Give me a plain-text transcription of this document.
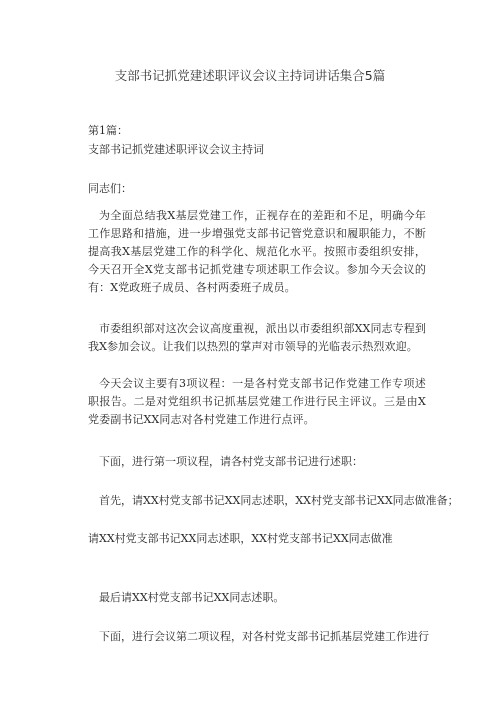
支部书记抓党建述职评议会议主持词讲话集合5篇
第1篇：
支部书记抓党建述职评议会议主持词
同志们：
为全面总结我X基层党建工作，正视存在的差距和不足，明确今年工作思路和措施，进一步增强党支部书记管党意识和履职能力，不断提高我X基层党建工作的科学化、规范化水平。按照市委组织安排，今天召开全X党支部书记抓党建专项述职工作会议。参加今天会议的有：X党政班子成员、各村两委班子成员。
市委组织部对这次会议高度重视，派出以市委组织部XX同志专程到我X参加会议。让我们以热烈的掌声对市领导的光临表示热烈欢迎。
今天会议主要有3项议程：一是各村党支部书记作党建工作专项述职报告。二是对党组织书记抓基层党建工作进行民主评议。三是由X党委副书记XX同志对各村党建工作进行点评。
下面，进行第一项议程，请各村党支部书记进行述职：
首先，请XX村党支部书记XX同志述职，XX村党支部书记XX同志做准备；
请XX村党支部书记XX同志述职，XX村党支部书记XX同志做准
最后请XX村党支部书记XX同志述职。
下面，进行会议第二项议程，对各村党支部书记抓基层党建工作进行
